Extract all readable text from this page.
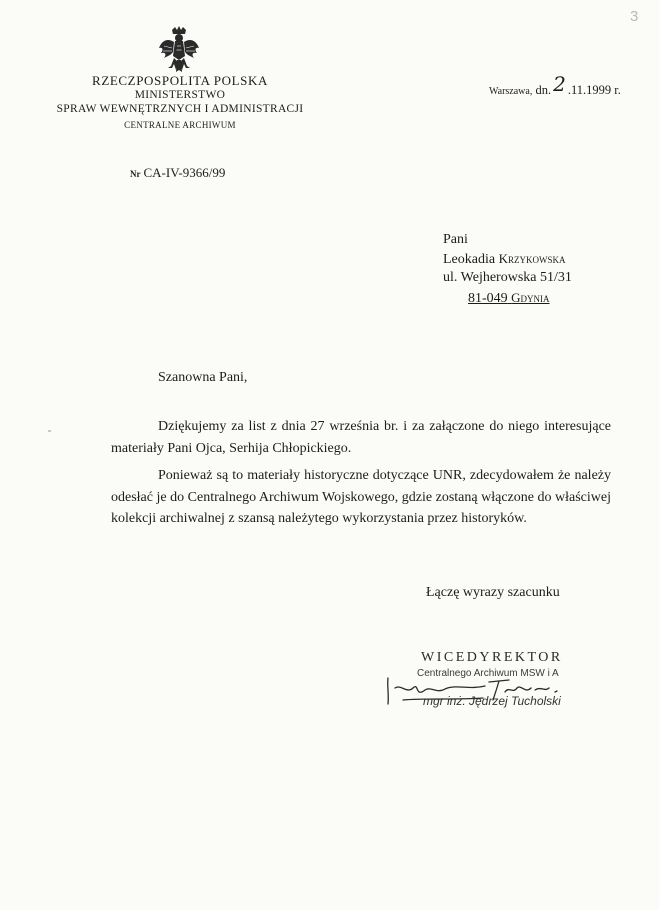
3
RZECZPOSPOLITA POLSKA
MINISTERSTWO
SPRAW WEWNĘTRZNYCH I ADMINISTRACJI
CENTRALNE ARCHIWUM
Nr CA-IV-9366/99
Warszawa, dn. 2 .11.1999 r.
Pani
Leokadia Krzykowska
ul. Wejherowska 51/31
81-049 Gdynia
Szanowna Pani,

Dziękujemy za list z dnia 27 września br. i za załączone do niego interesujące materiały Pani Ojca, Serhija Chłopickiego.

Ponieważ są to materiały historyczne dotyczące UNR, zdecydowałem że należy odesłać je do Centralnego Archiwum Wojskowego, gdzie zostaną włączone do właściwej kolekcji archiwalnej z szansą należytego wykorzystania przez historyków.

Łączę wyrazy szacunku
WICEDYREKTOR
Centralnego Archiwum MSW i A
mgr inż. Jędrzej Tucholski
